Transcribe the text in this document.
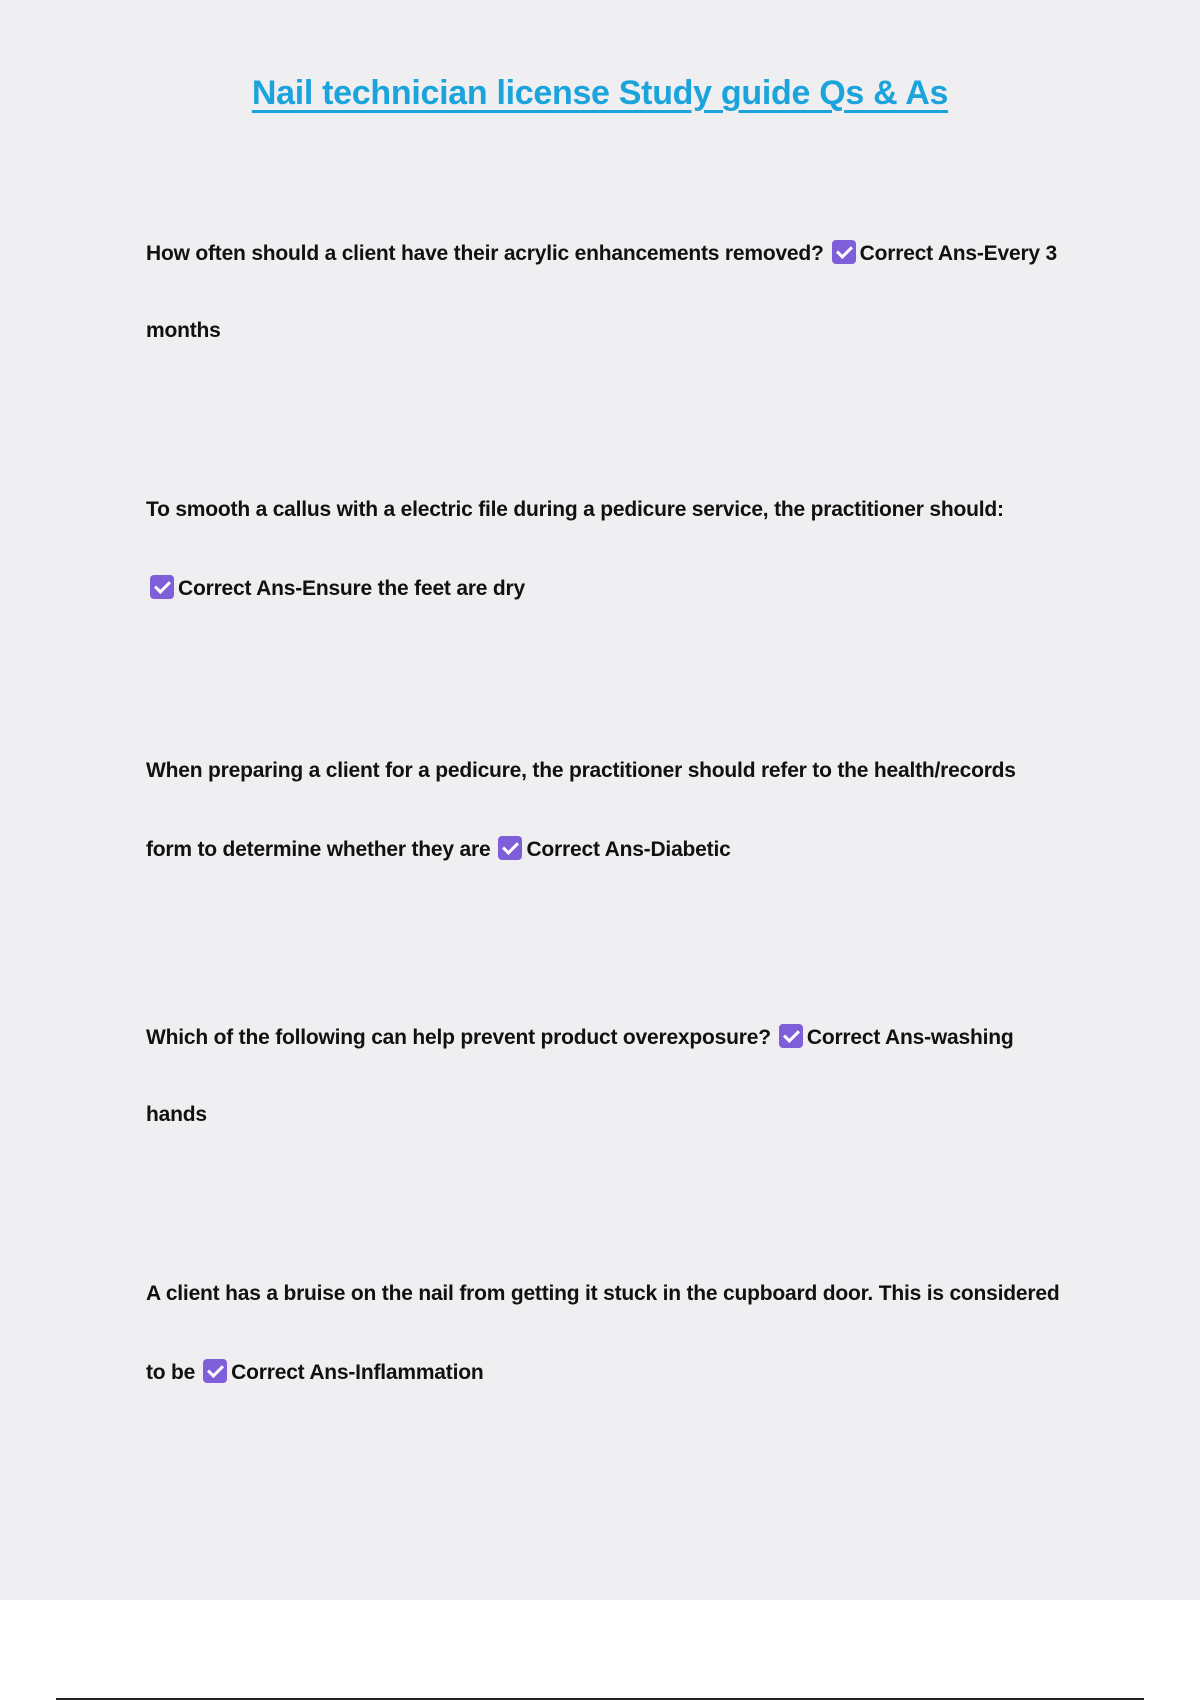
Nail technician license Study guide Qs & As
How often should a client have their acrylic enhancements removed? Correct Ans-Every 3
months
To smooth a callus with a electric file during a pedicure service, the practitioner should:
Correct Ans-Ensure the feet are dry
When preparing a client for a pedicure, the practitioner should refer to the health/records
form to determine whether they are Correct Ans-Diabetic
Which of the following can help prevent product overexposure? Correct Ans-washing
hands
A client has a bruise on the nail from getting it stuck in the cupboard door. This is considered
to be Correct Ans-Inflammation
